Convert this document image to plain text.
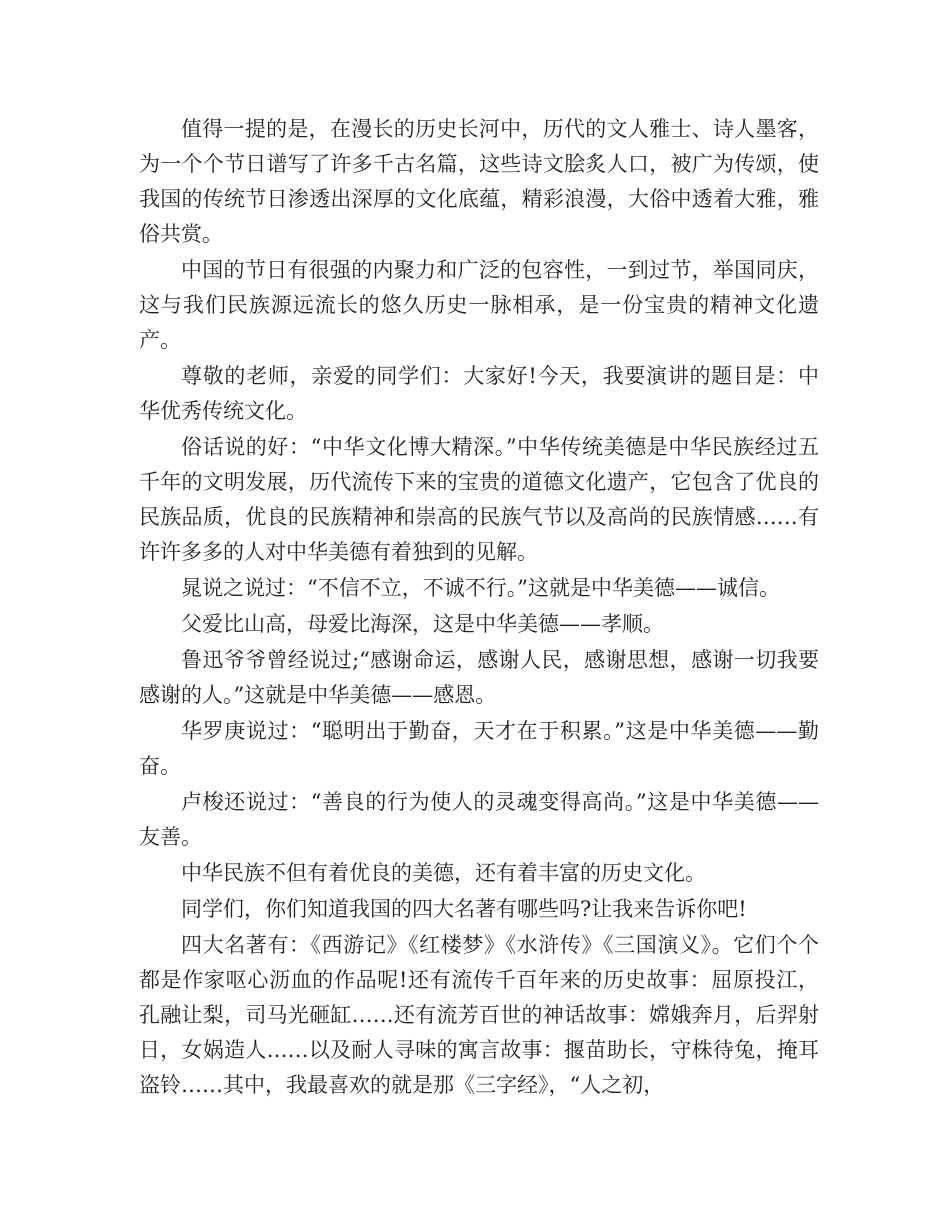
值得一提的是，在漫长的历史长河中，历代的文人雅士、诗人墨客，为一个个节日谱写了许多千古名篇，这些诗文脍炙人口，被广为传颂，使我国的传统节日渗透出深厚的文化底蕴，精彩浪漫，大俗中透着大雅，雅俗共赏。

中国的节日有很强的内聚力和广泛的包容性，一到过节，举国同庆，这与我们民族源远流长的悠久历史一脉相承，是一份宝贵的精神文化遗产。

尊敬的老师，亲爱的同学们：大家好!今天，我要演讲的题目是：中华优秀传统文化。

俗话说的好：“中华文化博大精深。”中华传统美德是中华民族经过五千年的文明发展，历代流传下来的宝贵的道德文化遗产，它包含了优良的民族品质，优良的民族精神和崇高的民族气节以及高尚的民族情感……有许许多多的人对中华美德有着独到的见解。

晁说之说过：“不信不立，不诚不行。”这就是中华美德——诚信。

父爱比山高，母爱比海深，这是中华美德——孝顺。

鲁迅爷爷曾经说过;“感谢命运，感谢人民，感谢思想，感谢一切我要感谢的人。”这就是中华美德——感恩。

华罗庚说过：“聪明出于勤奋，天才在于积累。”这是中华美德——勤奋。

卢梭还说过：“善良的行为使人的灵魂变得高尚。”这是中华美德——友善。

中华民族不但有着优良的美德，还有着丰富的历史文化。

同学们，你们知道我国的四大名著有哪些吗?让我来告诉你吧!

四大名著有：《西游记》《红楼梦》《水浒传》《三国演义》。它们个个都是作家呕心沥血的作品呢!还有流传千百年来的历史故事：屈原投江，孔融让梨，司马光砸缸……还有流芳百世的神话故事：嫦娥奔月，后羿射日，女娲造人……以及耐人寻味的寓言故事：揠苗助长，守株待兔，掩耳盗铃……其中，我最喜欢的就是那《三字经》，“人之初，
